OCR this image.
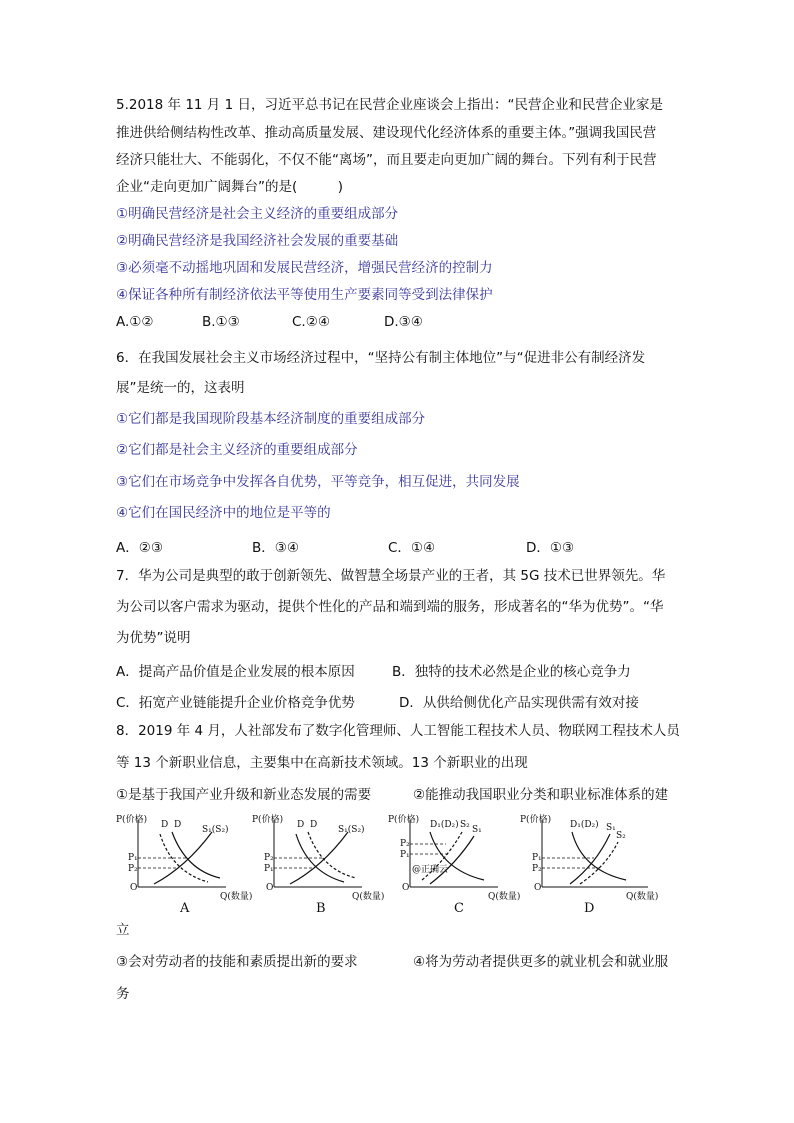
5.2018 年 11 月 1 日，习近平总书记在民营企业座谈会上指出：“民营企业和民营企业家是
推进供给侧结构性改革、推动高质量发展、建设现代化经济体系的重要主体。”强调我国民营
经济只能壮大、不能弱化，不仅不能“离场”，而且要走向更加广阔的舞台。下列有利于民营
企业“走向更加广阔舞台”的是(　　　)
①明确民营经济是社会主义经济的重要组成部分
②明确民营经济是我国经济社会发展的重要基础
③必须毫不动摇地巩固和发展民营经济，增强民营经济的控制力
④保证各种所有制经济依法平等使用生产要素同等受到法律保护
A.①②	B.①③	C.②④	D.③④
6．在我国发展社会主义市场经济过程中，“坚持公有制主体地位”与“促进非公有制经济发
展”是统一的，这表明
①它们都是我国现阶段基本经济制度的重要组成部分
②它们都是社会主义经济的重要组成部分
③它们在市场竞争中发挥各自优势，平等竞争，相互促进，共同发展
④它们在国民经济中的地位是平等的
A．②③	B．③④	C．①④	D．①③
7．华为公司是典型的敢于创新领先、做智慧全场景产业的王者，其 5G 技术已世界领先。华
为公司以客户需求为驱动，提供个性化的产品和端到端的服务，形成著名的“华为优势”。“华
为优势”说明
A．提高产品价值是企业发展的根本原因	B．独特的技术必然是企业的核心竞争力
C．拓宽产业链能提升企业价格竞争优势	D．从供给侧优化产品实现供需有效对接
8．2019 年 4 月，人社部发布了数字化管理师、人工智能工程技术人员、物联网工程技术人员
等 13 个新职业信息，主要集中在高新技术领域。13 个新职业的出现
①是基于我国产业升级和新业态发展的需要	②能推动我国职业分类和职业标准体系的建
P(价格)
Q(数量)
O
D D S₁(S₂)
P₁
P₂
A
P(价格)
Q(数量)
O
D D S₁(S₂)
P₂
P₁
B
P(价格)
Q(数量)
O
D₁(D₂) S₂ S₁
P₂
P₁
@正确云
C
P(价格)
Q(数量)
O
D₁(D₂) S₁
S₂
P₁
P₂
D
立
③会对劳动者的技能和素质提出新的要求	④将为劳动者提供更多的就业机会和就业服
务
